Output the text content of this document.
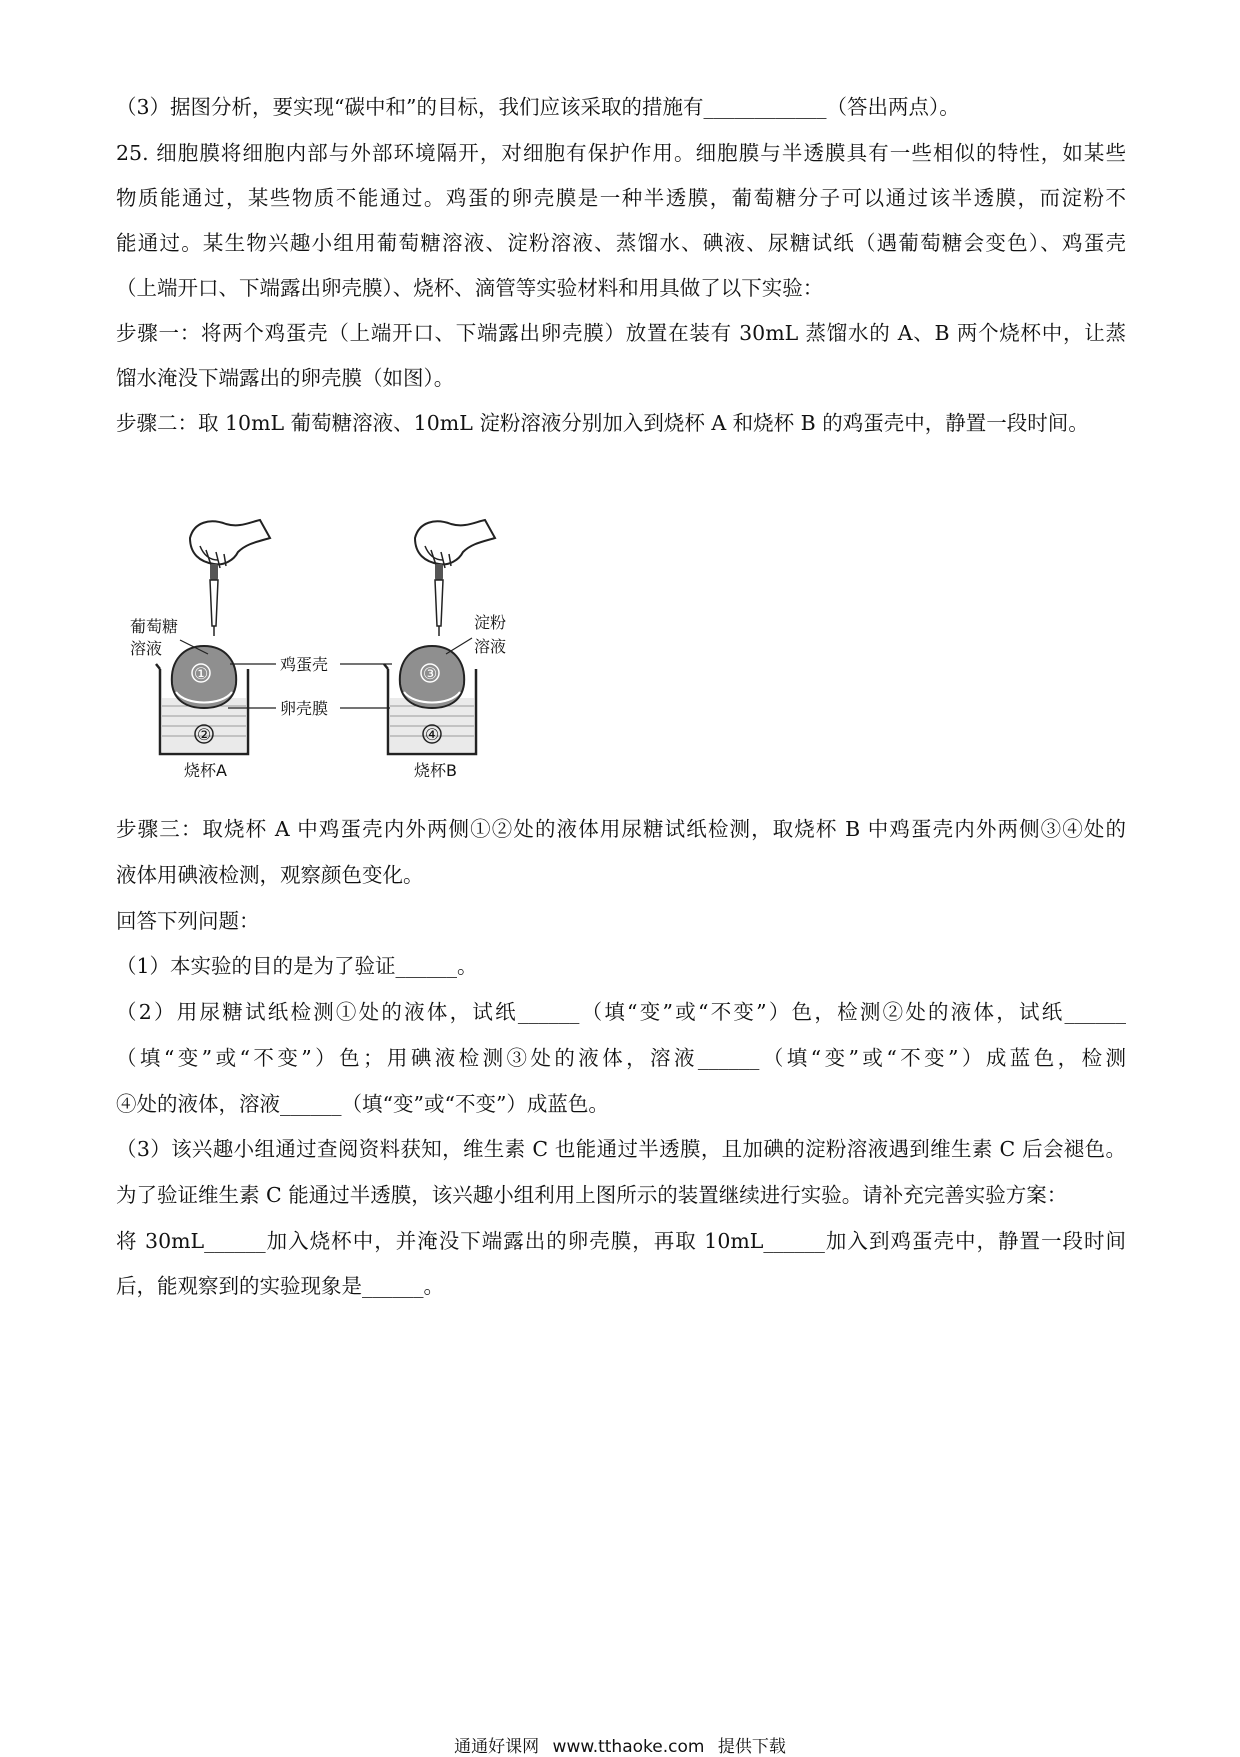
（3）据图分析，要实现“碳中和”的目标，我们应该采取的措施有____________（答出两点）。
25. 细胞膜将细胞内部与外部环境隔开，对细胞有保护作用。细胞膜与半透膜具有一些相似的特性，如某些
物质能通过，某些物质不能通过。鸡蛋的卵壳膜是一种半透膜，葡萄糖分子可以通过该半透膜，而淀粉不
能通过。某生物兴趣小组用葡萄糖溶液、淀粉溶液、蒸馏水、碘液、尿糖试纸（遇葡萄糖会变色）、鸡蛋壳
（上端开口、下端露出卵壳膜）、烧杯、滴管等实验材料和用具做了以下实验：
步骤一：将两个鸡蛋壳（上端开口、下端露出卵壳膜）放置在装有 30mL 蒸馏水的 A、B 两个烧杯中，让蒸
馏水淹没下端露出的卵壳膜（如图）。
步骤二：取 10mL 葡萄糖溶液、10mL 淀粉溶液分别加入到烧杯 A 和烧杯 B 的鸡蛋壳中，静置一段时间。
①
②
葡萄糖
溶液
烧杯A
鸡蛋壳
卵壳膜
③
④
淀粉
溶液
烧杯B
步骤三：取烧杯 A 中鸡蛋壳内外两侧①②处的液体用尿糖试纸检测，取烧杯 B 中鸡蛋壳内外两侧③④处的
液体用碘液检测，观察颜色变化。
回答下列问题：
（1）本实验的目的是为了验证______。
（2）用尿糖试纸检测①处的液体，试纸______（填“变”或“不变”）色，检测②处的液体，试纸______
（填“变”或“不变”）色；用碘液检测③处的液体，溶液______（填“变”或“不变”）成蓝色，检测
④处的液体，溶液______（填“变”或“不变”）成蓝色。
（3）该兴趣小组通过查阅资料获知，维生素 C 也能通过半透膜，且加碘的淀粉溶液遇到维生素 C 后会褪色。
为了验证维生素 C 能通过半透膜，该兴趣小组利用上图所示的装置继续进行实验。请补充完善实验方案：
将 30mL______加入烧杯中，并淹没下端露出的卵壳膜，再取 10mL______加入到鸡蛋壳中，静置一段时间
后，能观察到的实验现象是______。
通通好课网 www.tthaoke.com 提供下载
